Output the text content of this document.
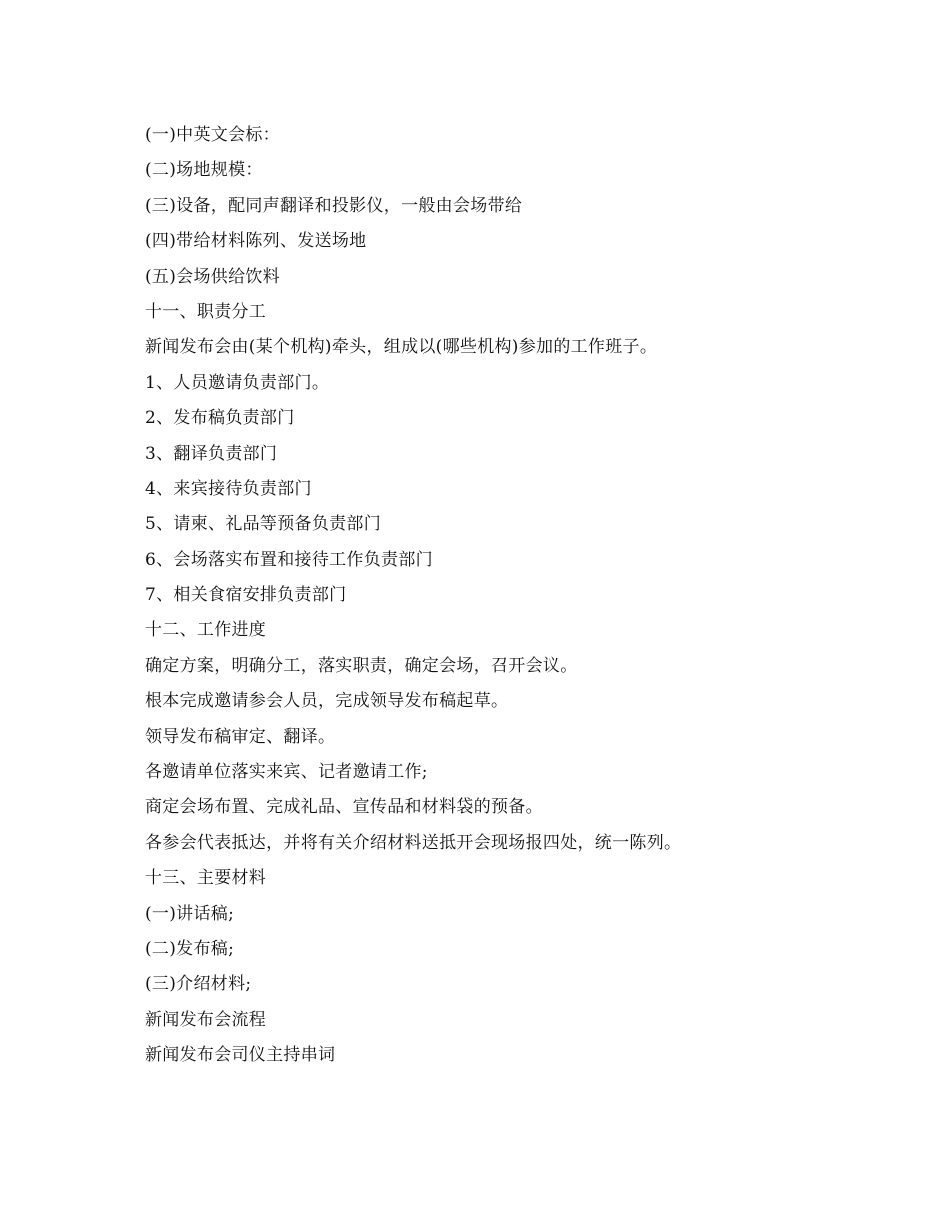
(一)中英文会标：
(二)场地规模：
(三)设备，配同声翻译和投影仪，一般由会场带给
(四)带给材料陈列、发送场地
(五)会场供给饮料
十一、职责分工
新闻发布会由(某个机构)牵头，组成以(哪些机构)参加的工作班子。
1、人员邀请负责部门。
2、发布稿负责部门
3、翻译负责部门
4、来宾接待负责部门
5、请柬、礼品等预备负责部门
6、会场落实布置和接待工作负责部门
7、相关食宿安排负责部门
十二、工作进度
确定方案，明确分工，落实职责，确定会场，召开会议。
根本完成邀请参会人员，完成领导发布稿起草。
领导发布稿审定、翻译。
各邀请单位落实来宾、记者邀请工作;
商定会场布置、完成礼品、宣传品和材料袋的预备。
各参会代表抵达，并将有关介绍材料送抵开会现场报四处，统一陈列。
十三、主要材料
(一)讲话稿;
(二)发布稿;
(三)介绍材料;
新闻发布会流程
新闻发布会司仪主持串词
